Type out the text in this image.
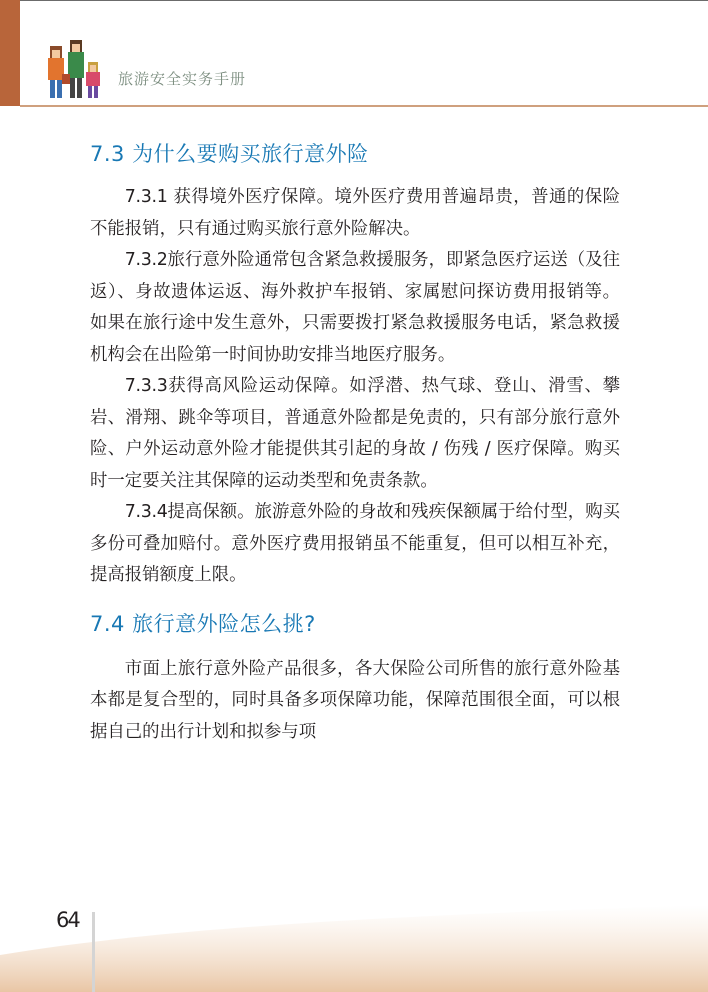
旅游安全实务手册
7.3 为什么要购买旅行意外险

7.3.1 获得境外医疗保障。境外医疗费用普遍昂贵，普通的保险不能报销，只有通过购买旅行意外险解决。

7.3.2旅行意外险通常包含紧急救援服务，即紧急医疗运送（及往返）、身故遗体运返、海外救护车报销、家属慰问探访费用报销等。如果在旅行途中发生意外，只需要拨打紧急救援服务电话，紧急救援机构会在出险第一时间协助安排当地医疗服务。

7.3.3获得高风险运动保障。如浮潜、热气球、登山、滑雪、攀岩、滑翔、跳伞等项目，普通意外险都是免责的，只有部分旅行意外险、户外运动意外险才能提供其引起的身故 / 伤残 / 医疗保障。购买时一定要关注其保障的运动类型和免责条款。

7.3.4提高保额。旅游意外险的身故和残疾保额属于给付型，购买多份可叠加赔付。意外医疗费用报销虽不能重复，但可以相互补充，提高报销额度上限。

7.4 旅行意外险怎么挑?

市面上旅行意外险产品很多，各大保险公司所售的旅行意外险基本都是复合型的，同时具备多项保障功能，保障范围很全面，可以根据自己的出行计划和拟参与项

64
